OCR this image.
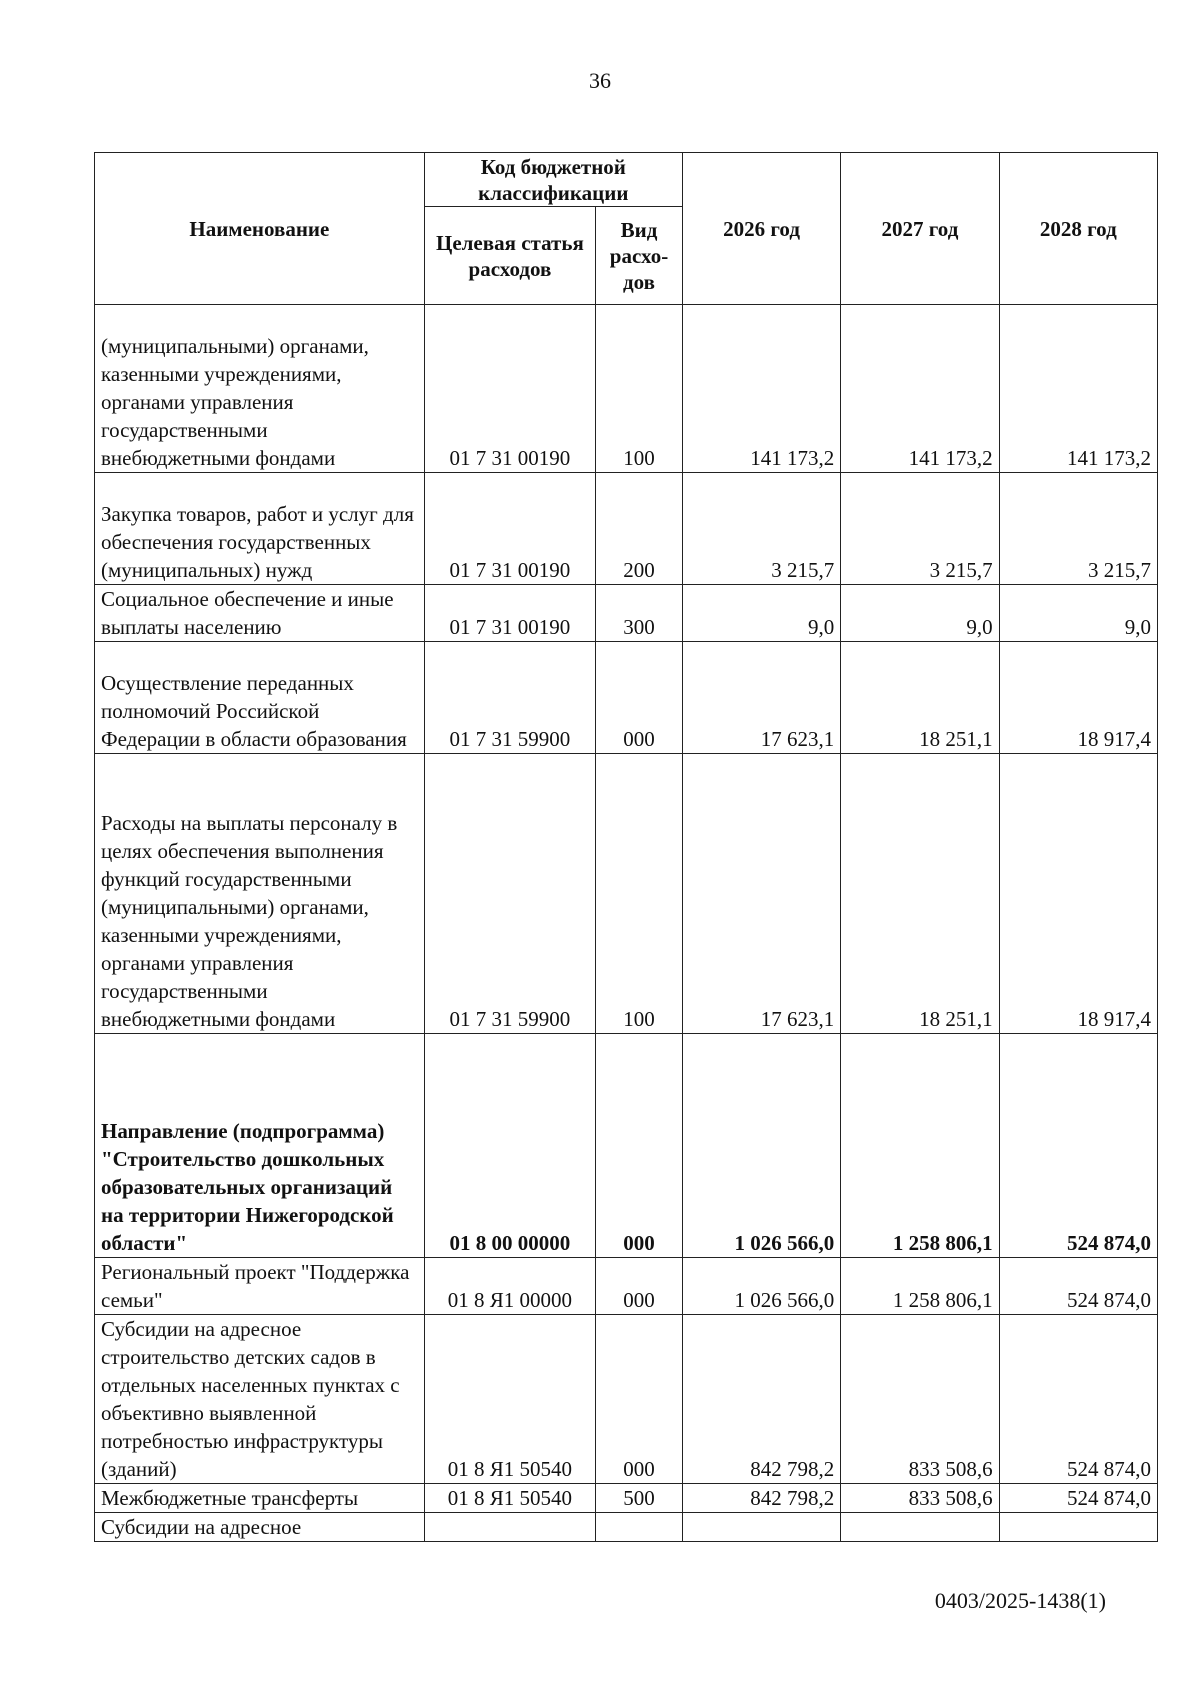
36
Наименование	Код бюджетной классификации		2026 год	2027 год	2028 год
	Целевая статья расходов	Вид расхо-дов			
(муниципальными) органами, казенными учреждениями, органами управления государственными внебюджетными фондами	01 7 31 00190	100	141 173,2	141 173,2	141 173,2
Закупка товаров, работ и услуг для обеспечения государственных (муниципальных) нужд	01 7 31 00190	200	3 215,7	3 215,7	3 215,7
Социальное обеспечение и иные выплаты населению	01 7 31 00190	300	9,0	9,0	9,0
Осуществление переданных полномочий Российской Федерации в области образования	01 7 31 59900	000	17 623,1	18 251,1	18 917,4
Расходы на выплаты персоналу в целях обеспечения выполнения функций государственными (муниципальными) органами, казенными учреждениями, органами управления государственными внебюджетными фондами	01 7 31 59900	100	17 623,1	18 251,1	18 917,4
Направление (подпрограмма) "Строительство дошкольных образовательных организаций на территории Нижегородской области"	01 8 00 00000	000	1 026 566,0	1 258 806,1	524 874,0
Региональный проект "Поддержка семьи"	01 8 Я1 00000	000	1 026 566,0	1 258 806,1	524 874,0
Субсидии на адресное строительство детских садов в отдельных населенных пунктах с объективно выявленной потребностью инфраструктуры (зданий)	01 8 Я1 50540	000	842 798,2	833 508,6	524 874,0
Межбюджетные трансферты	01 8 Я1 50540	500	842 798,2	833 508,6	524 874,0
Субсидии на адресное					
0403/2025-1438(1)
